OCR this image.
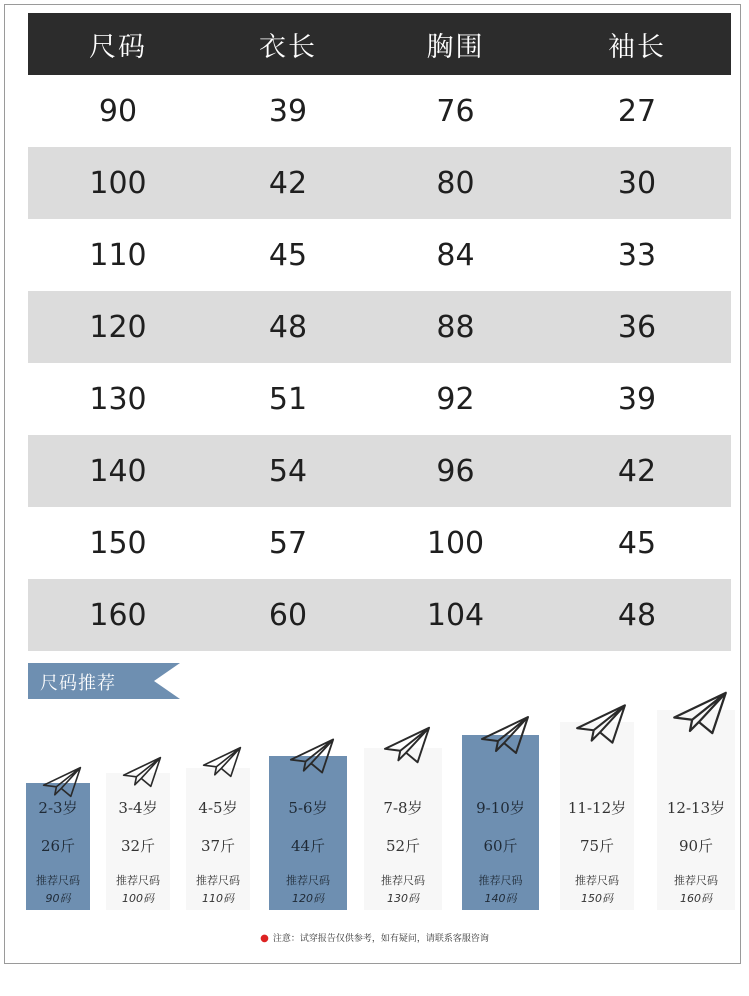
尺码	衣长	胸围	袖长
90	39	76	27
100	42	80	30
110	45	84	33
120	48	88	36
130	51	92	39
140	54	96	42
150	57	100	45
160	60	104	48
尺码推荐
2-3岁
26斤
推荐尺码
90码
3-4岁
32斤
推荐尺码
100码
4-5岁
37斤
推荐尺码
110码
5-6岁
44斤
推荐尺码
120码
7-8岁
52斤
推荐尺码
130码
9-10岁
60斤
推荐尺码
140码
11-12岁
75斤
推荐尺码
150码
12-13岁
90斤
推荐尺码
160码
● 注意：试穿报告仅供参考，如有疑问，请联系客服咨询
